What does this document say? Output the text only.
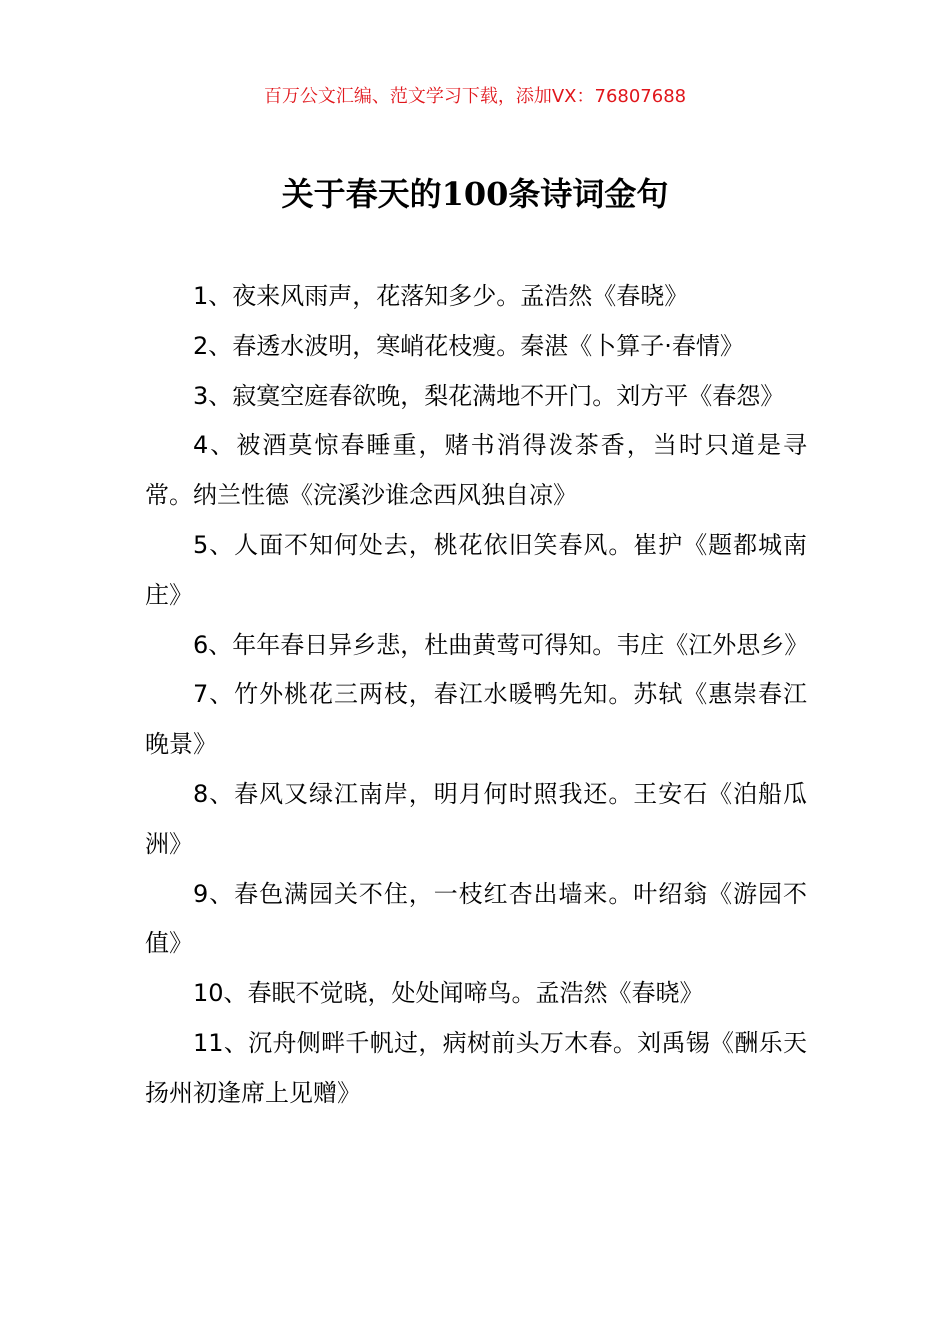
百万公文汇编、范文学习下载，添加VX：76807688
关于春天的100条诗词金句

1、夜来风雨声，花落知多少。孟浩然《春晓》

2、春透水波明，寒峭花枝瘦。秦湛《卜算子·春情》

3、寂寞空庭春欲晚，梨花满地不开门。刘方平《春怨》

4、被酒莫惊春睡重，赌书消得泼茶香，当时只道是寻常。纳兰性德《浣溪沙谁念西风独自凉》

5、人面不知何处去，桃花依旧笑春风。崔护《题都城南庄》

6、年年春日异乡悲，杜曲黄莺可得知。韦庄《江外思乡》

7、竹外桃花三两枝，春江水暖鸭先知。苏轼《惠崇春江晚景》

8、春风又绿江南岸，明月何时照我还。王安石《泊船瓜洲》

9、春色满园关不住，一枝红杏出墙来。叶绍翁《游园不值》

10、春眠不觉晓，处处闻啼鸟。孟浩然《春晓》

11、沉舟侧畔千帆过，病树前头万木春。刘禹锡《酬乐天扬州初逢席上见赠》
